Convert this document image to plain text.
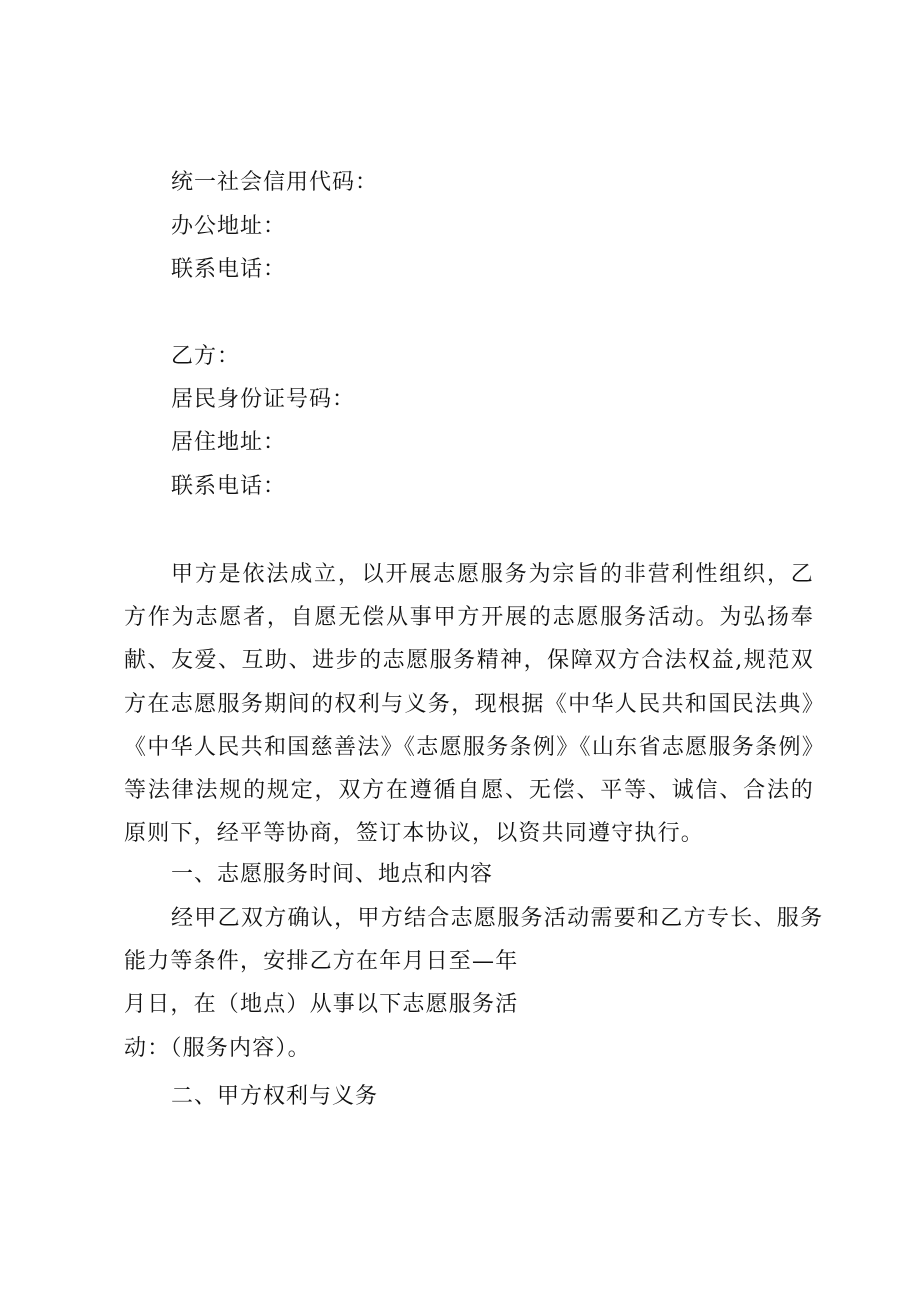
统一社会信用代码：
办公地址：
联系电话：
乙方：
居民身份证号码：
居住地址：
联系电话：

甲方是依法成立，以开展志愿服务为宗旨的非营利性组织，乙方作为志愿者，自愿无偿从事甲方开展的志愿服务活动。为弘扬奉献、友爱、互助、进步的志愿服务精神，保障双方合法权益,规范双方在志愿服务期间的权利与义务，现根据《中华人民共和国民法典》《中华人民共和国慈善法》《志愿服务条例》《山东省志愿服务条例》等法律法规的规定，双方在遵循自愿、无偿、平等、诚信、合法的原则下，经平等协商，签订本协议，以资共同遵守执行。

一、志愿服务时间、地点和内容
经甲乙双方确认，甲方结合志愿服务活动需要和乙方专长、服务
能力等条件，安排乙方在年月日至—年
月日，在（地点）从事以下志愿服务活
动：（服务内容）。
二、甲方权利与义务
